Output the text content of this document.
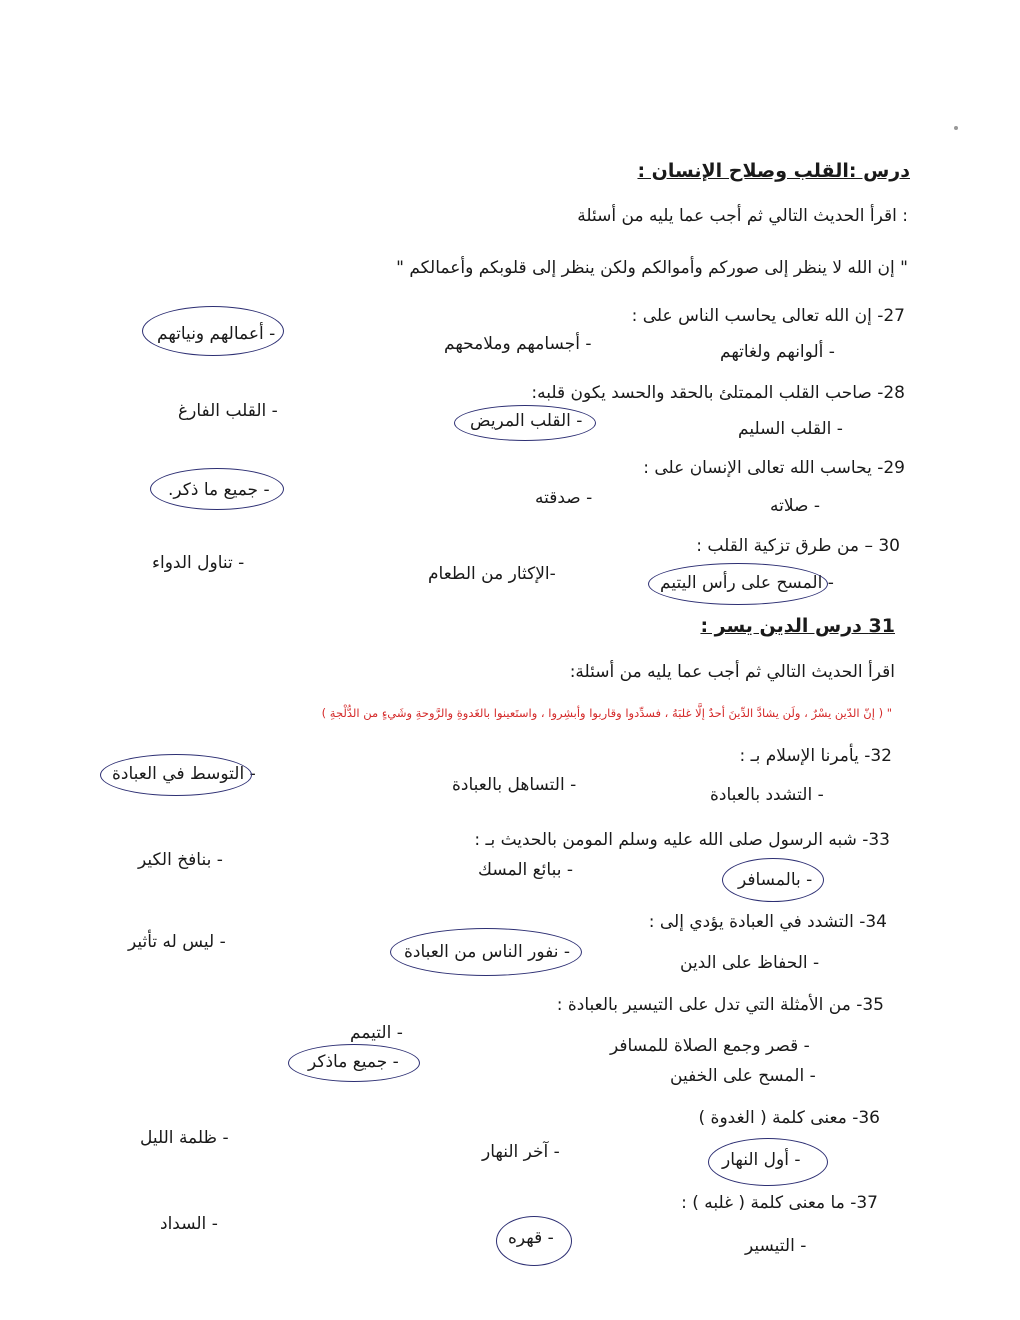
درس :القلب وصلاح الإنسان :
: اقرأ الحديث التالي ثم أجب عما يليه من أسئلة
" إن الله لا ينظر إلى صوركم وأموالكم ولكن ينظر إلى قلوبكم وأعمالكم "
27- إن الله تعالى يحاسب الناس على :
- ألوانهم ولغاتهم
- أجسامهم وملامحهم
- أعمالهم ونياتهم
28- صاحب القلب الممتلئ بالحقد والحسد يكون قلبه:
- القلب السليم
- القلب المريض
- القلب الفارغ
29- يحاسب الله تعالى الإنسان على :
- صلاته
- صدقته
- جميع ما ذكر.
30 – من طرق تزكية القلب :
- المسح على رأس اليتيم
-الإكثار من الطعام
- تناول الدواء
31 درس الدين يسر :
اقرأ الحديث التالي ثم أجب عما يليه من أسئلة:
" ( إنّ الدّين يسْرٌ ، ولَن يشادَّ الدِّينَ أحدٌ إلَّا غلبَهُ ، فسدِّدوا وقاربوا وأبشِروا ، واستَعينوا بالغَدوةِ والرَّوحةِ وشَيءٍ من الدُّلْجةِ )
32- يأمرنا الإسلام بـ :
- التشدد بالعبادة
- التساهل بالعبادة
- التوسط في العبادة
33- شبه الرسول صلى الله عليه وسلم المومن بالحديث بـ :
- بالمسافر
- ببائع المسك
- بنافخ الكير
34- التشدد في العبادة يؤدي إلى :
- الحفاظ على الدين
- نفور الناس من العبادة
- ليس له تأثير
35- من الأمثلة التي تدل على التيسير بالعبادة :
- قصر وجمع الصلاة للمسافر
- المسح على الخفين
- التيمم
- جميع ماذكر
36- معنى كلمة ( الغدوة )
- أول النهار
- آخر النهار
- ظلمة الليل
37- ما معنى كلمة ( غلبه ) :
- التيسير
- قهره
- السداد
